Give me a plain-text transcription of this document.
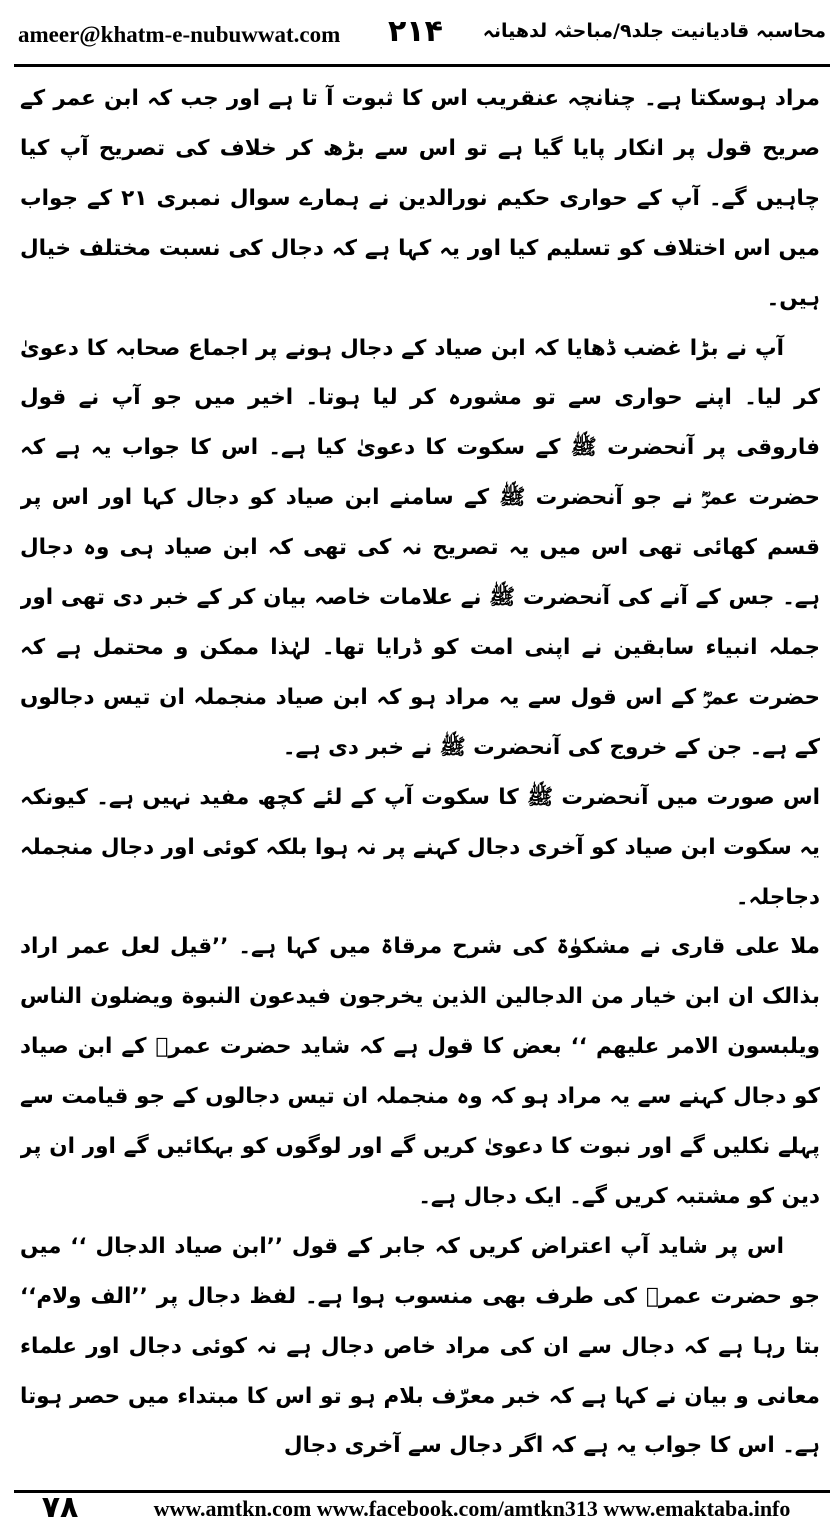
ameer@khatm-e-nubuwwat.com ۲۱۴ محاسبہ قادیانیت جلد۹/مباحثہ لدھیانہ

مراد ہوسکتا ہے۔ چنانچہ عنقریب اس کا ثبوت آ تا ہے اور جب کہ ابن عمر کے صریح قول پر انکار پایا گیا ہے تو اس سے بڑھ کر خلاف کی تصریح آپ کیا چاہیں گے۔ آپ کے حواری حکیم نورالدین نے ہمارے سوال نمبری ۲۱ کے جواب میں اس اختلاف کو تسلیم کیا اور یہ کہا ہے کہ دجال کی نسبت مختلف خیال ہیں۔

آپ نے بڑا غضب ڈھایا کہ ابن صیاد کے دجال ہونے پر اجماع صحابہ کا دعویٰ کر لیا۔ اپنے حواری سے تو مشورہ کر لیا ہوتا۔ اخیر میں جو آپ نے قول فاروقی پر آنحضرت ﷺ کے سکوت کا دعویٰ کیا ہے۔ اس کا جواب یہ ہے کہ حضرت عمرؓ نے جو آنحضرت ﷺ کے سامنے ابن صیاد کو دجال کہا اور اس پر قسم کھائی تھی اس میں یہ تصریح نہ کی تھی کہ ابن صیاد ہی وہ دجال ہے۔ جس کے آنے کی آنحضرت ﷺ نے علامات خاصہ بیان کر کے خبر دی تھی اور جملہ انبیاء سابقین نے اپنی امت کو ڈرایا تھا۔ لہٰذا ممکن و محتمل ہے کہ حضرت عمرؓ کے اس قول سے یہ مراد ہو کہ ابن صیاد منجملہ ان تیس دجالوں کے ہے۔ جن کے خروج کی آنحضرت ﷺ نے خبر دی ہے۔

اس صورت میں آنحضرت ﷺ کا سکوت آپ کے لئے کچھ مفید نہیں ہے۔ کیونکہ یہ سکوت ابن صیاد کو آخری دجال کہنے پر نہ ہوا بلکہ کوئی اور دجال منجملہ دجاجلہ۔

ملا علی قاری نے مشکوٰۃ کی شرح مرقاۃ میں کہا ہے۔ ’’قیل لعل عمر اراد بذالک ان ابن خیار من الدجالین الذین یخرجون فیدعون النبوة ویضلون الناس ویلبسون الامر علیهم ‘‘ بعض کا قول ہے کہ شاید حضرت عمرؓ کے ابن صیاد کو دجال کہنے سے یہ مراد ہو کہ وہ منجملہ ان تیس دجالوں کے جو قیامت سے پہلے نکلیں گے اور نبوت کا دعویٰ کریں گے اور لوگوں کو بہکائیں گے اور ان پر دین کو مشتبہ کریں گے۔ ایک دجال ہے۔

اس پر شاید آپ اعتراض کریں کہ جابر کے قول ’’ابن صیاد الدجال ‘‘ میں جو حضرت عمرؓ کی طرف بھی منسوب ہوا ہے۔ لفظ دجال پر ’’الف ولام‘‘ بتا رہا ہے کہ دجال سے ان کی مراد خاص دجال ہے نہ کوئی دجال اور علماء معانی و بیان نے کہا ہے کہ خبر معرّف بلام ہو تو اس کا مبتداء میں حصر ہوتا ہے۔ اس کا جواب یہ ہے کہ اگر دجال سے آخری دجال

۷۸	www.amtkn.com www.facebook.com/amtkn313 www.emaktaba.info
